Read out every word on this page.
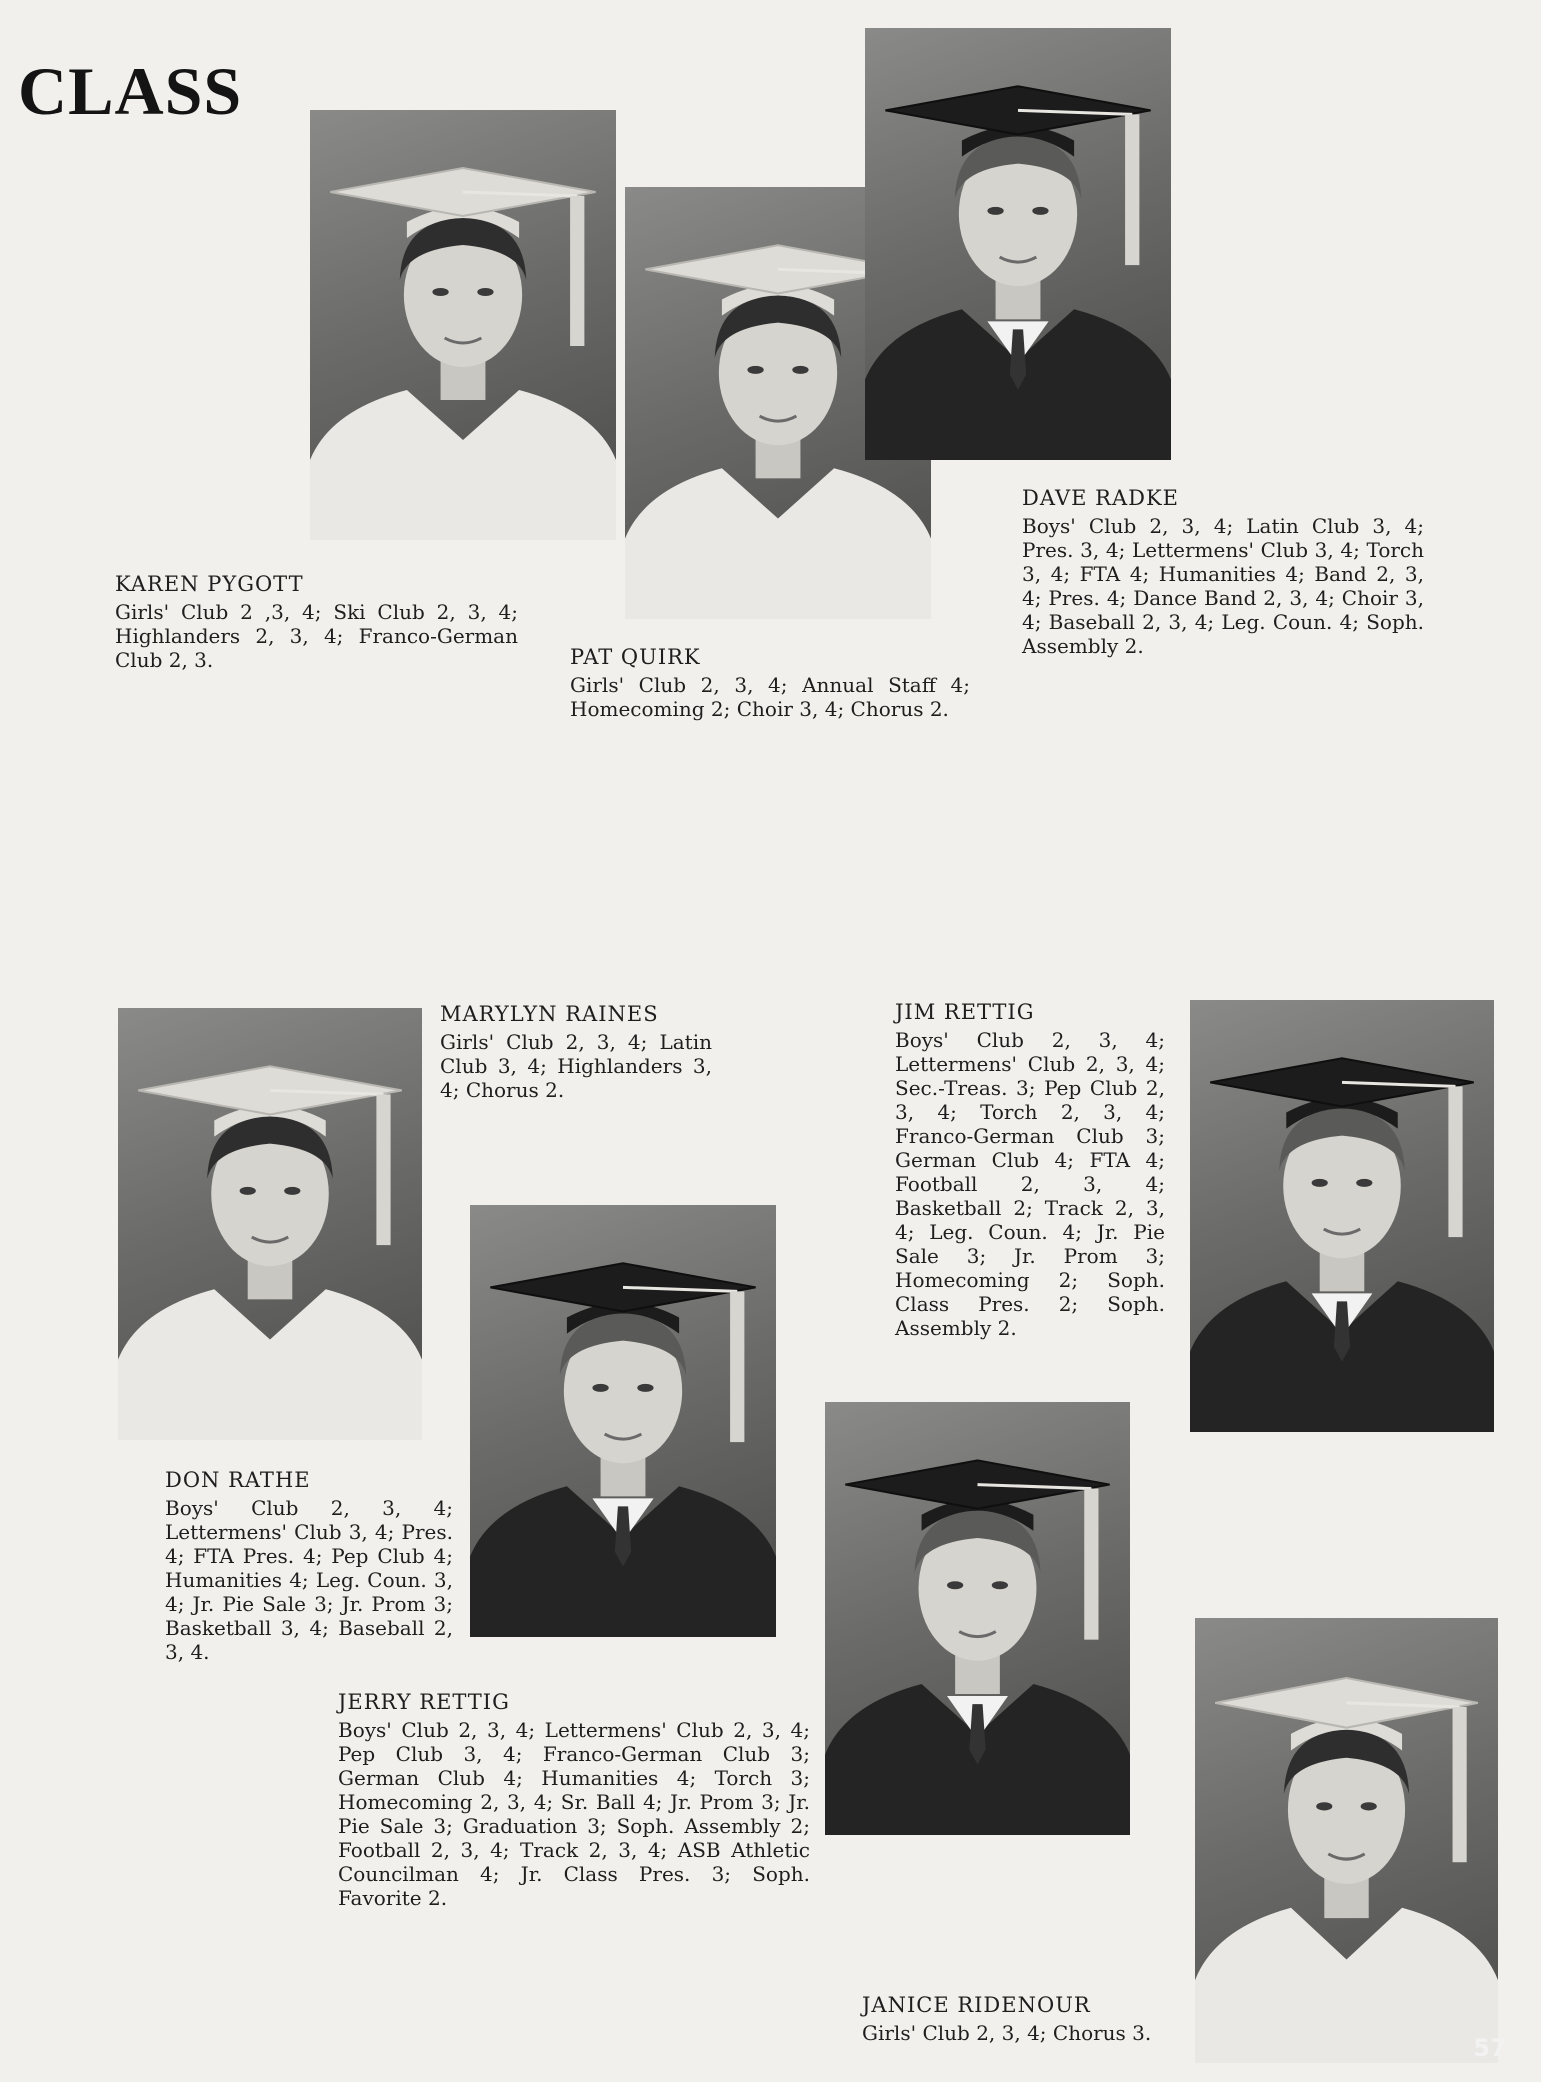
CLASS
KAREN PYGOTT
Girls' Club 2 ,3, 4; Ski Club 2, 3, 4; Highlanders 2, 3, 4; Franco-German Club 2, 3.	PAT QUIRK
Girls' Club 2, 3, 4; Annual Staff 4; Homecoming 2; Choir 3, 4; Chorus 2.
DAVE RADKE
Boys' Club 2, 3, 4; Latin Club 3, 4; Pres. 3, 4; Lettermens' Club 3, 4; Torch 3, 4; FTA 4; Humanities 4; Band 2, 3, 4; Pres. 4; Dance Band 2, 3, 4; Choir 3, 4; Baseball 2, 3, 4; Leg. Coun. 4; Soph. Assembly 2.
MARYLYN RAINES
Girls' Club 2, 3, 4; Latin Club 3, 4; Highlanders 3, 4; Chorus 2.
JIM RETTIG
Boys' Club 2, 3, 4; Lettermens' Club 2, 3, 4; Sec.-Treas. 3; Pep Club 2, 3, 4; Torch 2, 3, 4; Franco-German Club 3; German Club 4; FTA 4; Football 2, 3, 4; Basketball 2; Track 2, 3, 4; Leg. Coun. 4; Jr. Pie Sale 3; Jr. Prom 3; Homecoming 2; Soph. Class Pres. 2; Soph. Assembly 2.
DON RATHE
Boys' Club 2, 3, 4; Lettermens' Club 3, 4; Pres. 4; FTA Pres. 4; Pep Club 4; Humanities 4; Leg. Coun. 3, 4; Jr. Pie Sale 3; Jr. Prom 3; Basketball 3, 4; Baseball 2, 3, 4.
JERRY RETTIG
Boys' Club 2, 3, 4; Lettermens' Club 2, 3, 4; Pep Club 3, 4; Franco-German Club 3; German Club 4; Humanities 4; Torch 3; Homecoming 2, 3, 4; Sr. Ball 4; Jr. Prom 3; Jr. Pie Sale 3; Graduation 3; Soph. Assembly 2; Football 2, 3, 4; Track 2, 3, 4; ASB Athletic Councilman 4; Jr. Class Pres. 3; Soph. Favorite 2.
JANICE RIDENOUR
Girls' Club 2, 3, 4; Chorus 3.
57
